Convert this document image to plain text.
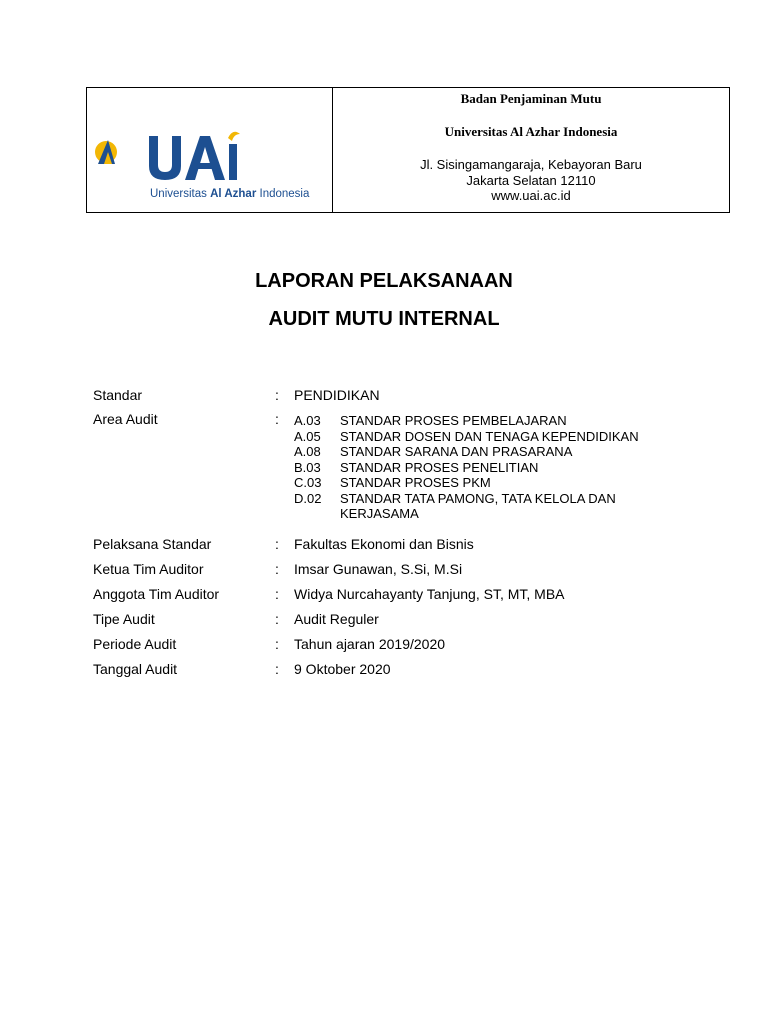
Universitas Al Azhar Indonesia
Badan Penjaminan Mutu
Universitas Al Azhar Indonesia
Jl. Sisingamangaraja, Kebayoran Baru
Jakarta Selatan 12110
www.uai.ac.id
LAPORAN PELAKSANAAN
AUDIT MUTU INTERNAL
Standar	: PENDIDIKAN
Area Audit	: A.03	STANDAR PROSES PEMBELAJARAN
A.05	STANDAR DOSEN DAN TENAGA KEPENDIDIKAN
A.08	STANDAR SARANA DAN PRASARANA
B.03	STANDAR PROSES PENELITIAN
C.03	STANDAR PROSES PKM
D.02	STANDAR TATA PAMONG, TATA KELOLA DAN KERJASAMA
Pelaksana Standar	: Fakultas Ekonomi dan Bisnis
Ketua Tim Auditor	: Imsar Gunawan, S.Si, M.Si
Anggota Tim Auditor	: Widya Nurcahayanty Tanjung, ST, MT, MBA
Tipe Audit	: Audit Reguler
Periode Audit	: Tahun ajaran 2019/2020
Tanggal Audit	: 9 Oktober 2020
